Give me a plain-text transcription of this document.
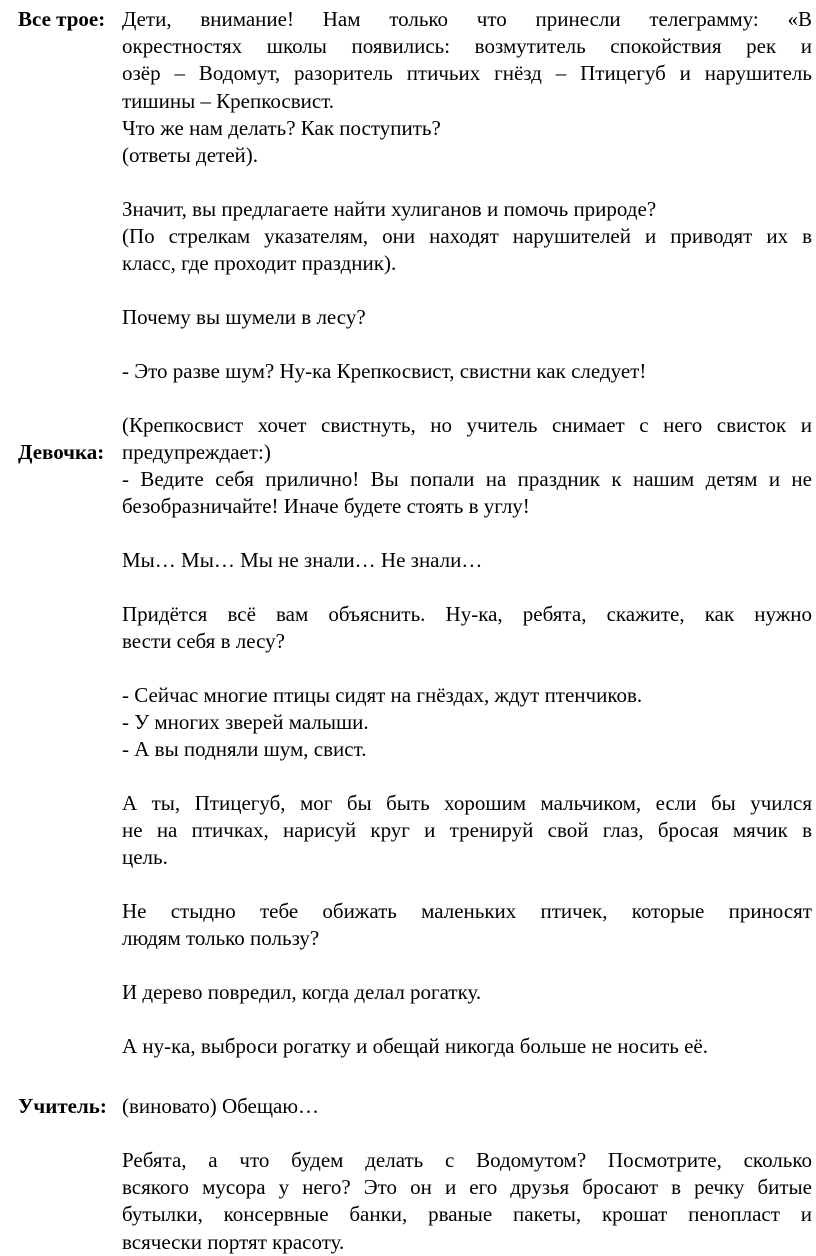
Все трое:
Девочка:
Учитель:
Дети, внимание! Нам только что принесли телеграмму: «В
окрестностях школы появились: возмутитель спокойствия рек и
озёр – Водомут, разоритель птичьих гнёзд – Птицегуб и нарушитель
тишины – Крепкосвист.
Что же нам делать? Как поступить?
(ответы детей).
Значит, вы предлагаете найти хулиганов и помочь природе?
(По стрелкам указателям, они находят нарушителей и приводят их в
класс, где проходит праздник).
Почему вы шумели в лесу?
- Это разве шум? Ну-ка Крепкосвист, свистни как следует!
(Крепкосвист хочет свистнуть, но учитель снимает с него свисток и
предупреждает:)
- Ведите себя прилично! Вы попали на праздник к нашим детям и не
безобразничайте! Иначе будете стоять в углу!
Мы… Мы… Мы не знали… Не знали…
Придётся всё вам объяснить. Ну-ка, ребята, скажите, как нужно
вести себя в лесу?
- Сейчас многие птицы сидят на гнёздах, ждут птенчиков.
- У многих зверей малыши.
- А вы подняли шум, свист.
А ты, Птицегуб, мог бы быть хорошим мальчиком, если бы учился
не на птичках, нарисуй круг и тренируй свой глаз, бросая мячик в
цель.
Не стыдно тебе обижать маленьких птичек, которые приносят
людям только пользу?
И дерево повредил, когда делал рогатку.
А ну-ка, выброси рогатку и обещай никогда больше не носить её.
(виновато) Обещаю…
Ребята, а что будем делать с Водомутом? Посмотрите, сколько
всякого мусора у него? Это он и его друзья бросают в речку битые
бутылки, консервные банки, рваные пакеты, крошат пенопласт и
всячески портят красоту.
